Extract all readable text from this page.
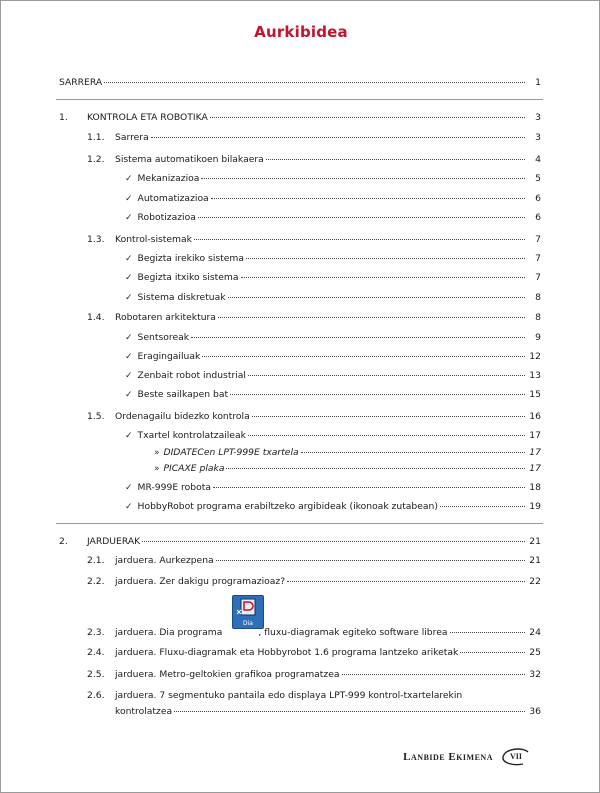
Aurkibidea
SARRERA	1
1.	KONTROLA ETA ROBOTIKA	3
1.1.	Sarrera	3
1.2.	Sistema automatikoen bilakaera	4
✓ Mekanizazioa	5
✓ Automatizazioa	6
✓ Robotizazioa	6
1.3.	Kontrol-sistemak	7
✓ Begizta irekiko sistema	7
✓ Begizta itxiko sistema	7
✓ Sistema diskretuak	8
1.4.	Robotaren arkitektura	8
✓ Sentsoreak	9
✓ Eragingailuak	12
✓ Zenbait robot industrial	13
✓ Beste sailkapen bat	15
1.5.	Ordenagailu bidezko kontrola	16
✓ Txartel kontrolatzaileak	17
» DIDATECen LPT-999E txartela	17
» PICAXE plaka	17
✓ MR-999E robota	18
✓ HobbyRobot programa erabiltzeko argibideak (ikonoak zutabean)	19
2.	JARDUERAK	21
2.1.	jarduera. Aurkezpena	21
2.2.	jarduera. Zer dakigu programazioaz?	22
Dia
2.3.	jarduera. Dia programa	, fluxu-diagramak egiteko software librea	24
2.4.	jarduera. Fluxu-diagramak eta Hobbyrobot 1.6 programa lantzeko ariketak	25
2.5.	jarduera. Metro-geltokien grafikoa programatzea	32
2.6.	jarduera. 7 segmentuko pantaila edo displaya LPT-999 kontrol-txartelarekin
kontrolatzea	36
Lanbide Ekimena	VII
